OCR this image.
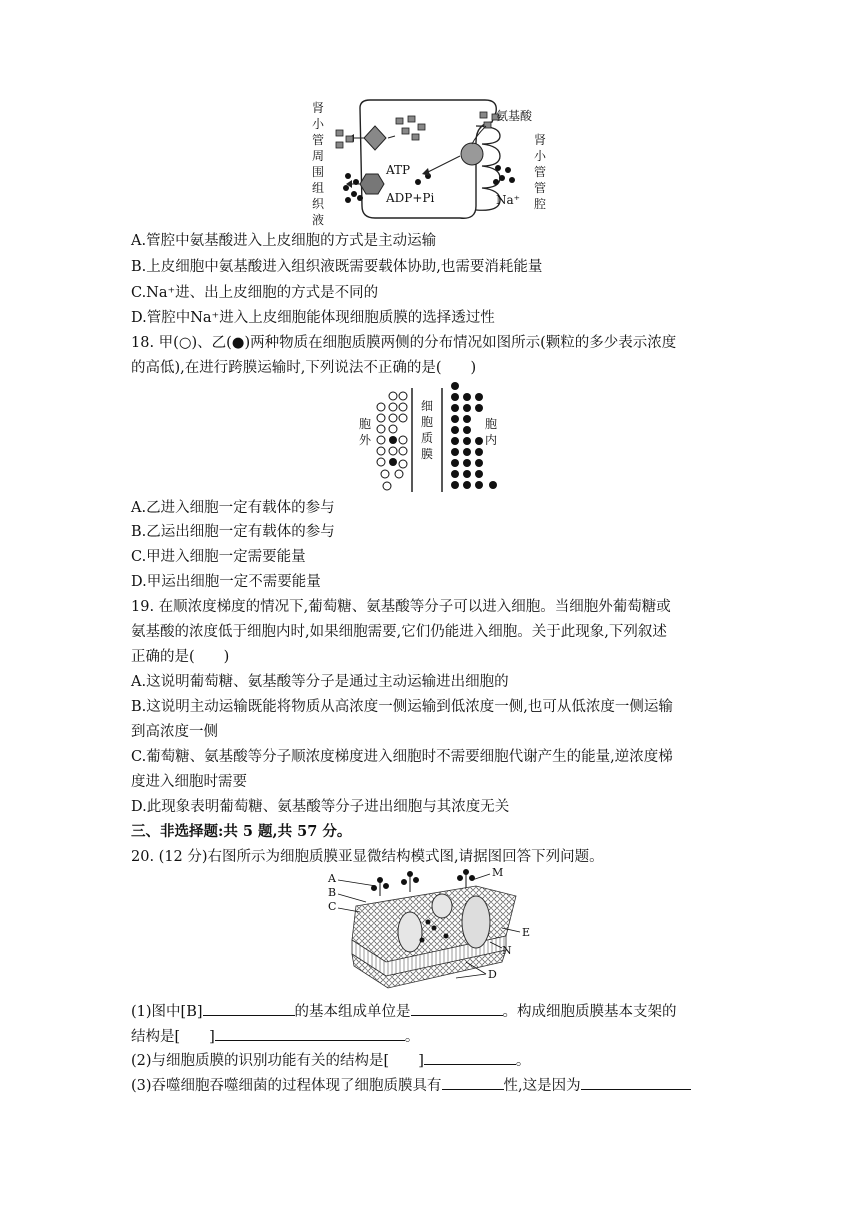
肾
小
管
周
围
组
织
液
肾
小
管
管
腔
氨基酸
ATP
ADP+Pi	Na⁺
A.管腔中氨基酸进入上皮细胞的方式是主动运输
B.上皮细胞中氨基酸进入组织液既需要载体协助,也需要消耗能量
C.Na⁺进、出上皮细胞的方式是不同的
D.管腔中Na⁺进入上皮细胞能体现细胞质膜的选择透过性
18. 甲(○)、乙(●)两种物质在细胞质膜两侧的分布情况如图所示(颗粒的多少表示浓度
的高低),在进行跨膜运输时,下列说法不正确的是(　　)
胞
外
细
胞
质
膜
胞
内
A.乙进入细胞一定有载体的参与
B.乙运出细胞一定有载体的参与
C.甲进入细胞一定需要能量
D.甲运出细胞一定不需要能量
19. 在顺浓度梯度的情况下,葡萄糖、氨基酸等分子可以进入细胞。当细胞外葡萄糖或
氨基酸的浓度低于细胞内时,如果细胞需要,它们仍能进入细胞。关于此现象,下列叙述
正确的是(　　)
A.这说明葡萄糖、氨基酸等分子是通过主动运输进出细胞的
B.这说明主动运输既能将物质从高浓度一侧运输到低浓度一侧,也可从低浓度一侧运输
到高浓度一侧
C.葡萄糖、氨基酸等分子顺浓度梯度进入细胞时不需要细胞代谢产生的能量,逆浓度梯
度进入细胞时需要
D.此现象表明葡萄糖、氨基酸等分子进出细胞与其浓度无关
三、非选择题:共 5 题,共 57 分。
20. (12 分)右图所示为细胞质膜亚显微结构模式图,请据图回答下列问题。
A
B
C
M
E
N
D
(1)图中[B]	的基本组成单位是	。构成细胞质膜基本支架的
结构是[　　]	。
(2)与细胞质膜的识别功能有关的结构是[　　]	。
(3)吞噬细胞吞噬细菌的过程体现了细胞质膜具有	性,这是因为
